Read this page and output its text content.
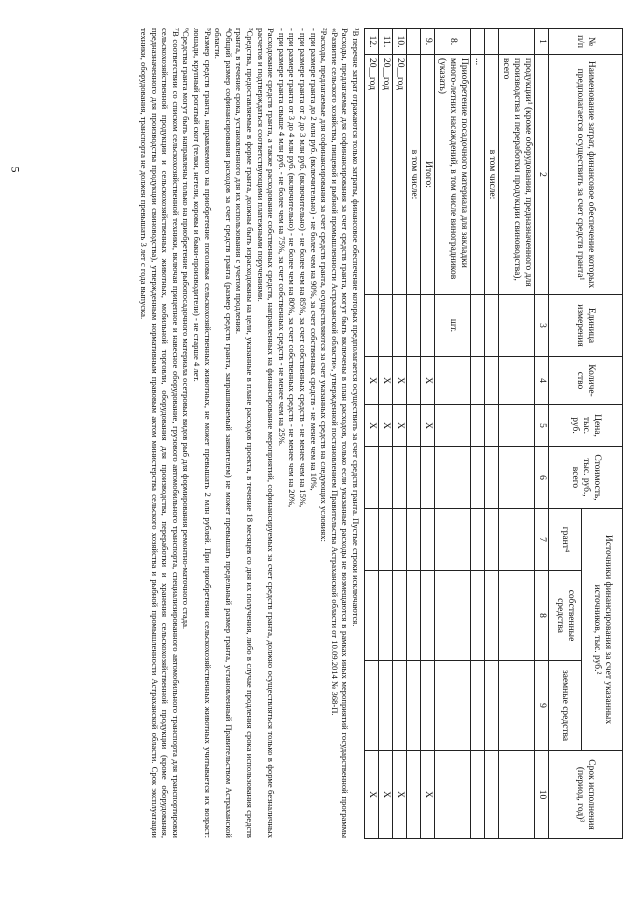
5
№ п/п	Наименование затрат, финансовое обеспечение которых предполагается осуществить за счет средств гранта¹	Единица измерения	Количе-ство	Цена, тыс. руб.	Стоимость, тыс. руб., всего	Источники финансирования за счет указанных источников, тыс. руб.²			Срок исполнения (период, год)³
						грант⁴	собственные средства	заемные средства	
1	2	3	4	5	6	7	8	9	10
	продукции¹ (кроме оборудования, предназначенного для производства и переработки продукции свиноводства), всего								
	в том числе:								
	...								
8.	Приобретение посадочного материала для закладки много-летних насаждений, в том числе виноградников (указать)	шт.							
9.	Итого:		X	X					X
	в том числе:								
10.	20__год		X	X					X
11.	20__год		X	X					X
12.	20__год		X	X					X

¹В перечне затрат отражаются только затраты, финансовое обеспечение которых предполагается осуществить за счет средств гранта. Пустые строки исключаются.

Расходы, предлагаемые для софинансирования за счет средств гранта, могут быть включены в план расходов, только если указанные расходы не возмещаются в рамках иных мероприятий государственной программы «Развитие сельского хозяйства, пищевой и рыбной промышленности Астраханской области», утвержденной постановлением Правительства Астраханской области от 10.09.2014 № 368-П.

²Расходы, предлагаемые для софинансирования за счет средств гранта, осуществляются за счет указанных средств на следующих условиях:

- при размере гранта до 2 млн руб. (включительно) - не более чем на 90%, за счет собственных средств - не менее чем на 10%,

- при размере гранта от 2 до 3 млн руб. (включительно) - не более чем на 85%, за счет собственных средств - не менее чем на 15%,

- при размере гранта от 3 до 4 млн руб. (включительно) - не более чем на 80%, за счет собственных средств - не менее чем на 20%,

- при размере гранта свыше 4 млн руб. - не более чем на 75%, за счет собственных средств - не менее чем на 25%.

Расходование средств гранта, а также расходование собственных средств, направленных на финансирование мероприятий, софинансируемых за счет средств гранта, должно осуществляться только в форме безналичных расчетов и подтверждаться соответствующими платежными поручениями.

³Средства, предоставляемые в форме гранта, должны быть израсходованы на цели, указанные в плане расходов проекта, в течение 18 месяцев со дня их получения, либо в случае продления срока использования средств гранта, в течение срока, установленного для их использования с учетом продления.

⁴Общий размер софинансирования расходов за счет средств гранта (размер средств гранта, запрашиваемый заявителем) не может превышать предельный размер гранта, установленный Правительством Астраханской области.

⁵Размер средств гранта, направляемого на приобретение поголовья сельскохозяйственных животных, не может превышать 2 млн рублей. При приобретении сельскохозяйственных животных учитывается их возраст: лошади, крупный рогатый скот (телки, нетели, коровы и быки-производители) - не старше 4 лет.

⁶Средства гранта могут быть направлены только на приобретение рыбопосадочного материала осетровых видов рыб для формирования ремонтно-маточного стада.

⁷В соответствии со списком сельскохозяйственной техники, включая прицепное и навесное оборудование, грузового автомобильного транспорта, специализированного автомобильного транспорта для транспортировки сельскохозяйственной продукции и сельскохозяйственных животных, мобильной торговли, оборудования для производства, переработки и хранения сельскохозяйственной продукции (кроме оборудования, предназначенного для производства продукции свиноводства), утвержденным нормативным правовым актом министерства сельского хозяйства и рыбной промышленности Астраханской области. Срок эксплуатации техники, оборудования, транспорта не должен превышать 3 лет с года выпуска.
